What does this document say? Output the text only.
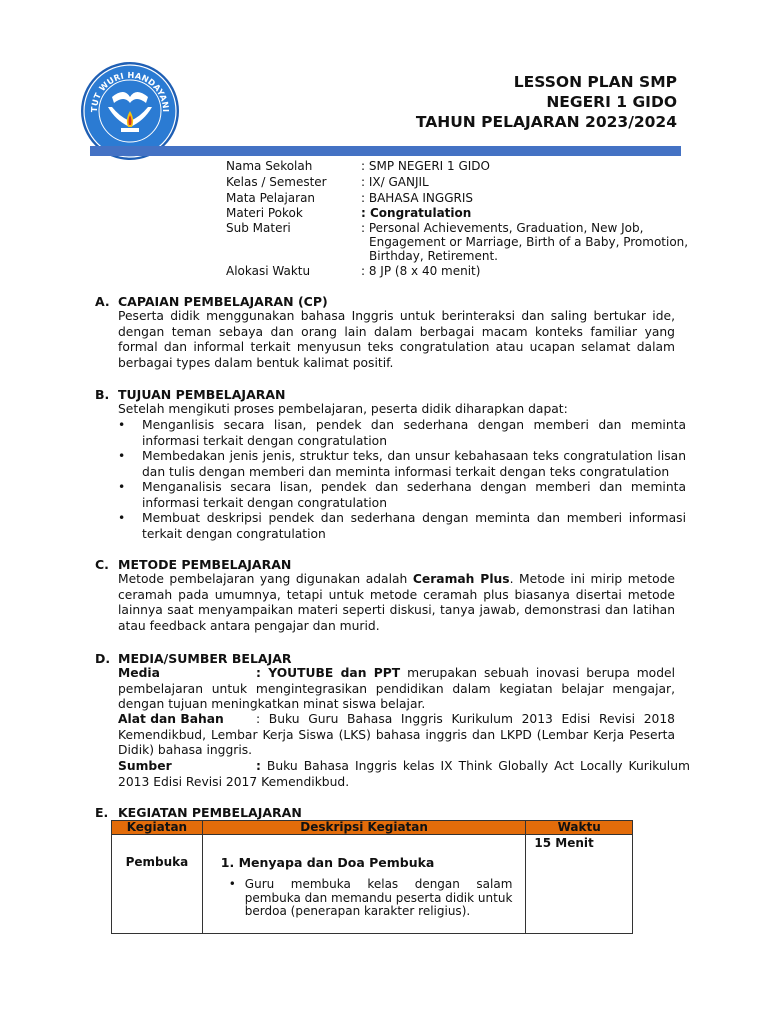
TUT WURI HANDAYANI
LESSON PLAN SMP
NEGERI 1 GIDO
TAHUN PELAJARAN 2023/2024
Nama Sekolah	: SMP NEGERI 1 GIDO
Kelas / Semester	: IX/ GANJIL
Mata Pelajaran	: BAHASA INGGRIS
Materi Pokok	: Congratulation
Sub Materi	: Personal Achievements, Graduation, New Job,
Engagement or Marriage, Birth of a Baby, Promotion,
Birthday, Retirement.
Alokasi Waktu	: 8 JP (8 x 40 menit)
A. CAPAIAN PEMBELAJARAN (CP)
Peserta didik menggunakan bahasa Inggris untuk berinteraksi dan saling bertukar ide, dengan teman sebaya dan orang lain dalam berbagai macam konteks familiar yang formal dan informal terkait menyusun teks congratulation atau ucapan selamat dalam berbagai types dalam bentuk kalimat positif.
B. TUJUAN PEMBELAJARAN
Setelah mengikuti proses pembelajaran, peserta didik diharapkan dapat:
• Menganlisis secara lisan, pendek dan sederhana dengan memberi dan meminta informasi terkait dengan congratulation
• Membedakan jenis jenis, struktur teks, dan unsur kebahasaan teks congratulation lisan dan tulis dengan memberi dan meminta informasi terkait dengan teks congratulation
• Menganalisis secara lisan, pendek dan sederhana dengan memberi dan meminta informasi terkait dengan congratulation
• Membuat deskripsi pendek dan sederhana dengan meminta dan memberi informasi terkait dengan congratulation
C. METODE PEMBELAJARAN
Metode pembelajaran yang digunakan adalah Ceramah Plus. Metode ini mirip metode ceramah pada umumnya, tetapi untuk metode ceramah plus biasanya disertai metode lainnya saat menyampaikan materi seperti diskusi, tanya jawab, demonstrasi dan latihan atau feedback antara pengajar dan murid.
D. MEDIA/SUMBER BELAJAR
Media	: YOUTUBE dan PPT merupakan sebuah inovasi berupa model pembelajaran untuk mengintegrasikan pendidikan dalam kegiatan belajar mengajar, dengan tujuan meningkatkan minat siswa belajar.
Alat dan Bahan	: Buku Guru Bahasa Inggris Kurikulum 2013 Edisi Revisi 2018 Kemendikbud, Lembar Kerja Siswa (LKS) bahasa inggris dan LKPD (Lembar Kerja Peserta Didik) bahasa inggris.
Sumber	: Buku Bahasa Inggris kelas IX Think Globally Act Locally Kurikulum 2013 Edisi Revisi 2017 Kemendikbud.
E. KEGIATAN PEMBELAJARAN
Kegiatan	Deskripsi Kegiatan	Waktu

Pembuka	1. Menyapa dan Doa Pembuka
• Guru membuka kelas dengan salam pembuka dan memandu peserta didik untuk berdoa (penerapan karakter religius).	15 Menit
